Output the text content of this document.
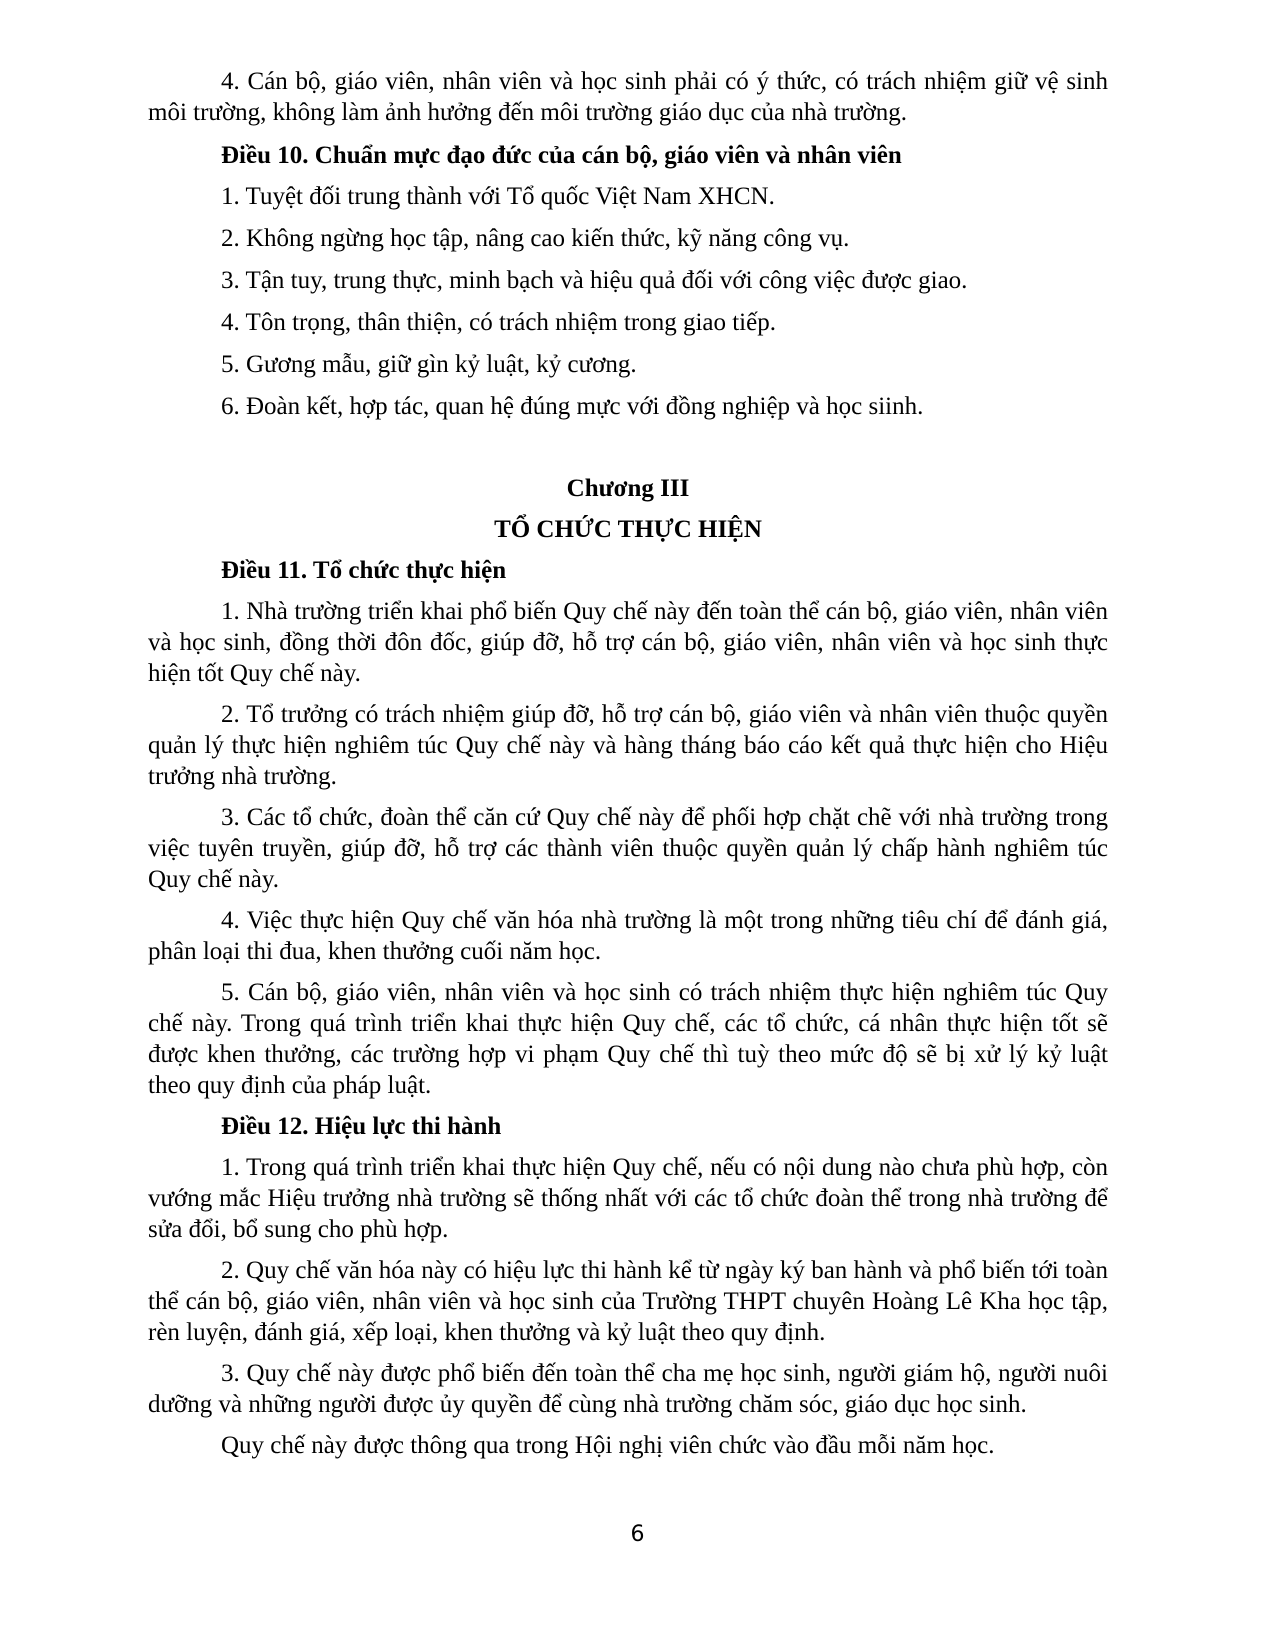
4. Cán bộ, giáo viên, nhân viên và học sinh phải có ý thức, có trách nhiệm giữ vệ sinh môi trường, không làm ảnh hưởng đến môi trường giáo dục của nhà trường.

Điều 10. Chuẩn mực đạo đức của cán bộ, giáo viên và nhân viên

1. Tuyệt đối trung thành với Tổ quốc Việt Nam XHCN.

2. Không ngừng học tập, nâng cao kiến thức, kỹ năng công vụ.

3. Tận tuy, trung thực, minh bạch và hiệu quả đối với công việc được giao.

4. Tôn trọng, thân thiện, có trách nhiệm trong giao tiếp.

5. Gương mẫu, giữ gìn kỷ luật, kỷ cương.

6. Đoàn kết, hợp tác, quan hệ đúng mực với đồng nghiệp và học siinh.

Chương III

TỔ CHỨC THỰC HIỆN

Điều 11. Tổ chức thực hiện

1. Nhà trường triển khai phổ biến Quy chế này đến toàn thể cán bộ, giáo viên, nhân viên và học sinh, đồng thời đôn đốc, giúp đỡ, hỗ trợ cán bộ, giáo viên, nhân viên và học sinh thực hiện tốt Quy chế này.

2. Tổ trưởng có trách nhiệm giúp đỡ, hỗ trợ cán bộ, giáo viên và nhân viên thuộc quyền quản lý thực hiện nghiêm túc Quy chế này và hàng tháng báo cáo kết quả thực hiện cho Hiệu trưởng nhà trường.

3. Các tổ chức, đoàn thể căn cứ Quy chế này để phối hợp chặt chẽ với nhà trường trong việc tuyên truyền, giúp đỡ, hỗ trợ các thành viên thuộc quyền quản lý chấp hành nghiêm túc Quy chế này.

4. Việc thực hiện Quy chế văn hóa nhà trường là một trong những tiêu chí để đánh giá, phân loại thi đua, khen thưởng cuối năm học.

5. Cán bộ, giáo viên, nhân viên và học sinh có trách nhiệm thực hiện nghiêm túc Quy chế này. Trong quá trình triển khai thực hiện Quy chế, các tổ chức, cá nhân thực hiện tốt sẽ được khen thưởng, các trường hợp vi phạm Quy chế thì tuỳ theo mức độ sẽ bị xử lý kỷ luật theo quy định của pháp luật.

Điều 12. Hiệu lực thi hành

1. Trong quá trình triển khai thực hiện Quy chế, nếu có nội dung nào chưa phù hợp, còn vướng mắc Hiệu trưởng nhà trường sẽ thống nhất với các tổ chức đoàn thể trong nhà trường để sửa đổi, bổ sung cho phù hợp.

2. Quy chế văn hóa này có hiệu lực thi hành kể từ ngày ký ban hành và phổ biến tới toàn thể cán bộ, giáo viên, nhân viên và học sinh của Trường THPT chuyên Hoàng Lê Kha học tập, rèn luyện, đánh giá, xếp loại, khen thưởng và kỷ luật theo quy định.

3. Quy chế này được phổ biến đến toàn thể cha mẹ học sinh, người giám hộ, người nuôi dưỡng và những người được ủy quyền để cùng nhà trường chăm sóc, giáo dục học sinh.

Quy chế này được thông qua trong Hội nghị viên chức vào đầu mỗi năm học.

6
